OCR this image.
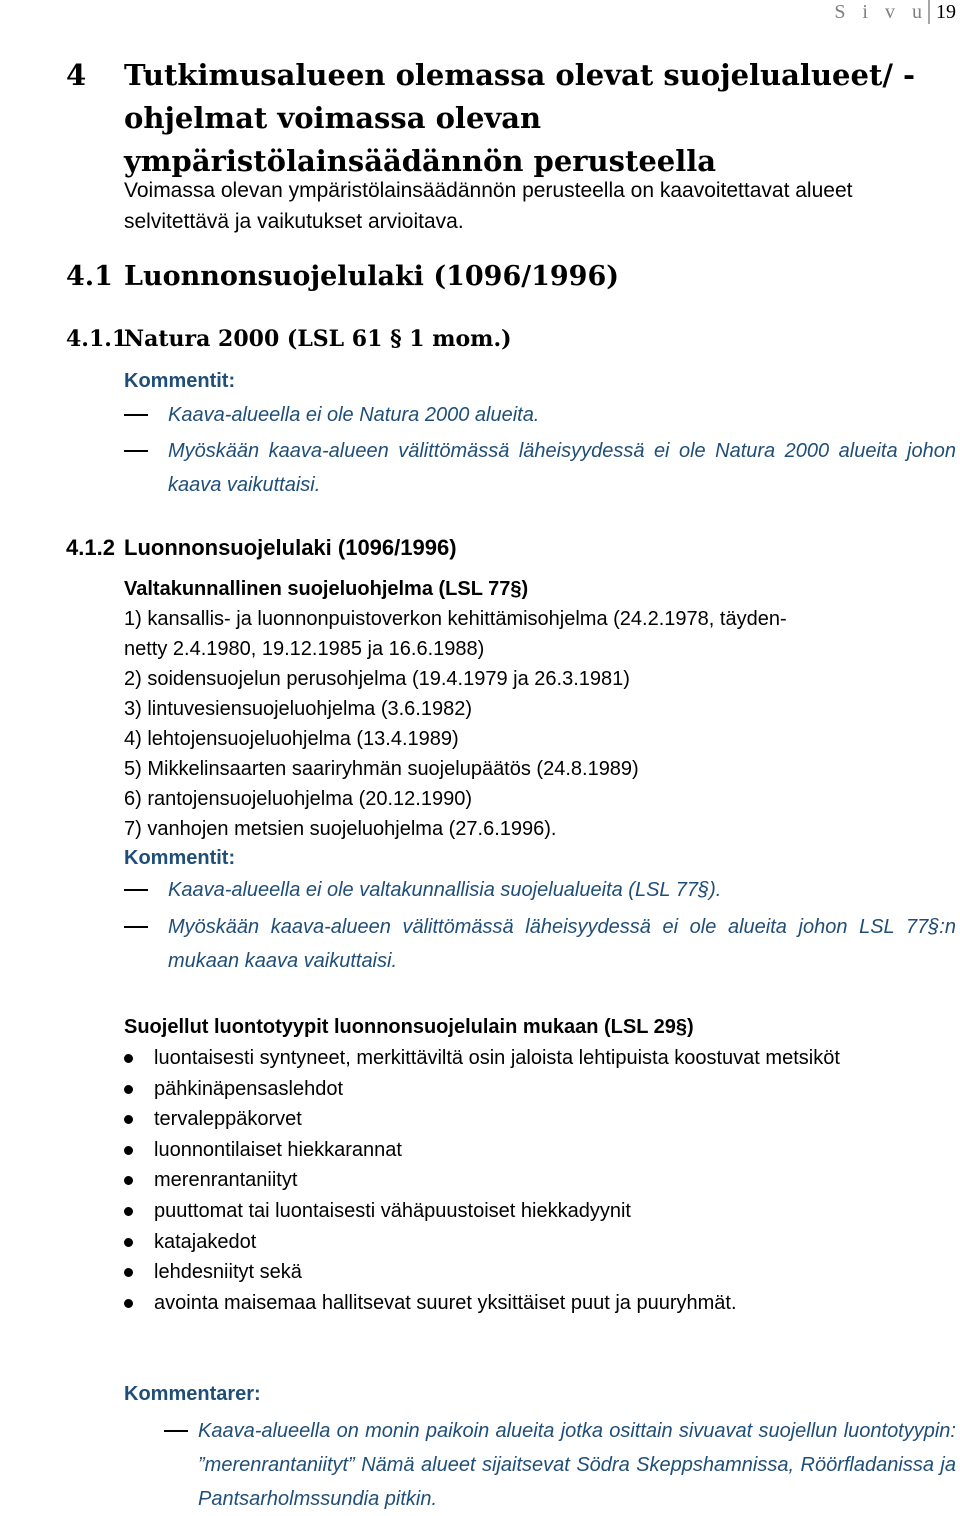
S i v u 19
4 Tutkimusalueen olemassa olevat suojelualueet/ - ohjelmat voimassa olevan ympäristölainsäädännön perusteella
Voimassa olevan ympäristölainsäädännön perusteella on kaavoitettavat alueet selvitettävä ja vaikutukset arvioitava.
4.1 Luonnonsuojelulaki (1096/1996)
4.1.1Natura 2000 (LSL 61 § 1 mom.)
Kommentit:
Kaava-alueella ei ole Natura 2000 alueita.
Myöskään kaava-alueen välittömässä läheisyydessä ei ole Natura 2000 alueita johon kaava vaikuttaisi.
4.1.2 Luonnonsuojelulaki (1096/1996)
Valtakunnallinen suojeluohjelma (LSL 77§)
1) kansallis- ja luonnonpuistoverkon kehittämisohjelma (24.2.1978, täyden-
netty 2.4.1980, 19.12.1985 ja 16.6.1988)
2) soidensuojelun perusohjelma (19.4.1979 ja 26.3.1981)
3) lintuvesiensuojeluohjelma (3.6.1982)
4) lehtojensuojeluohjelma (13.4.1989)
5) Mikkelinsaarten saariryhmän suojelupäätös (24.8.1989)
6) rantojensuojeluohjelma (20.12.1990)
7) vanhojen metsien suojeluohjelma (27.6.1996).
Kommentit:
Kaava-alueella ei ole valtakunnallisia suojelualueita (LSL 77§).
Myöskään kaava-alueen välittömässä läheisyydessä ei ole alueita johon LSL 77§:n mukaan kaava vaikuttaisi.
Suojellut luontotyypit luonnonsuojelulain mukaan (LSL 29§)
luontaisesti syntyneet, merkittäviltä osin jaloista lehtipuista koostuvat metsiköt
pähkinäpensaslehdot
tervaleppäkorvet
luonnontilaiset hiekkarannat
merenrantaniityt
puuttomat tai luontaisesti vähäpuustoiset hiekkadyynit
katajakedot
lehdesniityt sekä
avointa maisemaa hallitsevat suuret yksittäiset puut ja puuryhmät.
Kommentarer:
Kaava-alueella on monin paikoin alueita jotka osittain sivuavat suojellun luontotyypin: ”merenrantaniityt” Nämä alueet sijaitsevat Södra Skeppshamnissa, Röörfladanissa ja Pantsarholmssundia pitkin.
